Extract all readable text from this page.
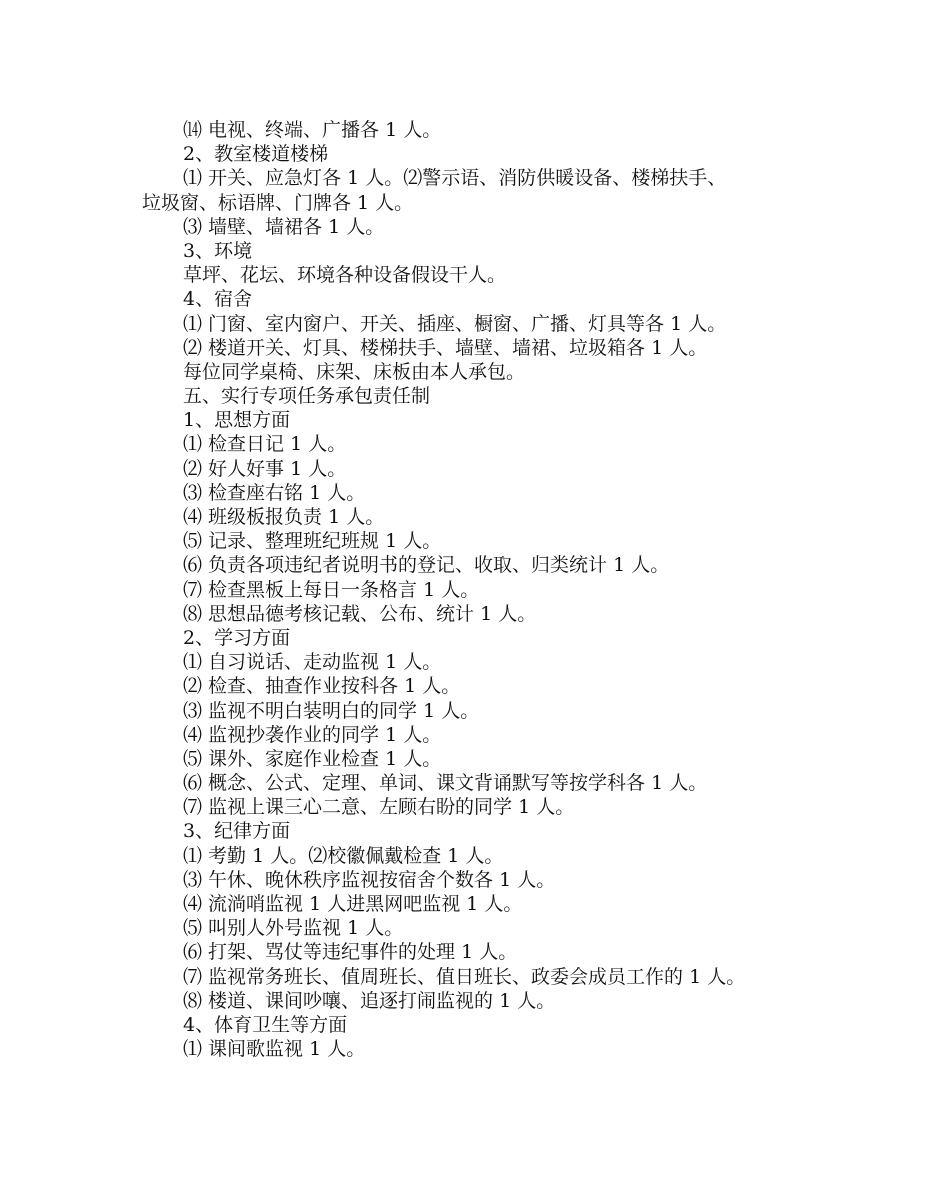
⒁ 电视、终端、广播各 1 人。

2、教室楼道楼梯

⑴ 开关、应急灯各 1 人。⑵警示语、消防供暖设备、楼梯扶手、

垃圾窗、标语牌、门牌各 1 人。

⑶ 墙壁、墙裙各 1 人。

3、环境

草坪、花坛、环境各种设备假设干人。

4、宿舍

⑴ 门窗、室内窗户、开关、插座、橱窗、广播、灯具等各 1 人。

⑵ 楼道开关、灯具、楼梯扶手、墙壁、墙裙、垃圾箱各 1 人。

每位同学桌椅、床架、床板由本人承包。

五、实行专项任务承包责任制

1、思想方面

⑴ 检查日记 1 人。

⑵ 好人好事 1 人。

⑶ 检查座右铭 1 人。

⑷ 班级板报负责 1 人。

⑸ 记录、整理班纪班规 1 人。

⑹ 负责各项违纪者说明书的登记、收取、归类统计 1 人。

⑺ 检查黑板上每日一条格言 1 人。

⑻ 思想品德考核记载、公布、统计 1 人。

2、学习方面

⑴ 自习说话、走动监视 1 人。

⑵ 检查、抽查作业按科各 1 人。

⑶ 监视不明白装明白的同学 1 人。

⑷ 监视抄袭作业的同学 1 人。

⑸ 课外、家庭作业检查 1 人。

⑹ 概念、公式、定理、单词、课文背诵默写等按学科各 1 人。

⑺ 监视上课三心二意、左顾右盼的同学 1 人。

3、纪律方面

⑴ 考勤 1 人。⑵校徽佩戴检查 1 人。

⑶ 午休、晚休秩序监视按宿舍个数各 1 人。

⑷ 流淌哨监视 1 人进黑网吧监视 1 人。

⑸ 叫别人外号监视 1 人。

⑹ 打架、骂仗等违纪事件的处理 1 人。

⑺ 监视常务班长、值周班长、值日班长、政委会成员工作的 1 人。

⑻ 楼道、课间吵嚷、追逐打闹监视的 1 人。

4、体育卫生等方面

⑴ 课间歌监视 1 人。
